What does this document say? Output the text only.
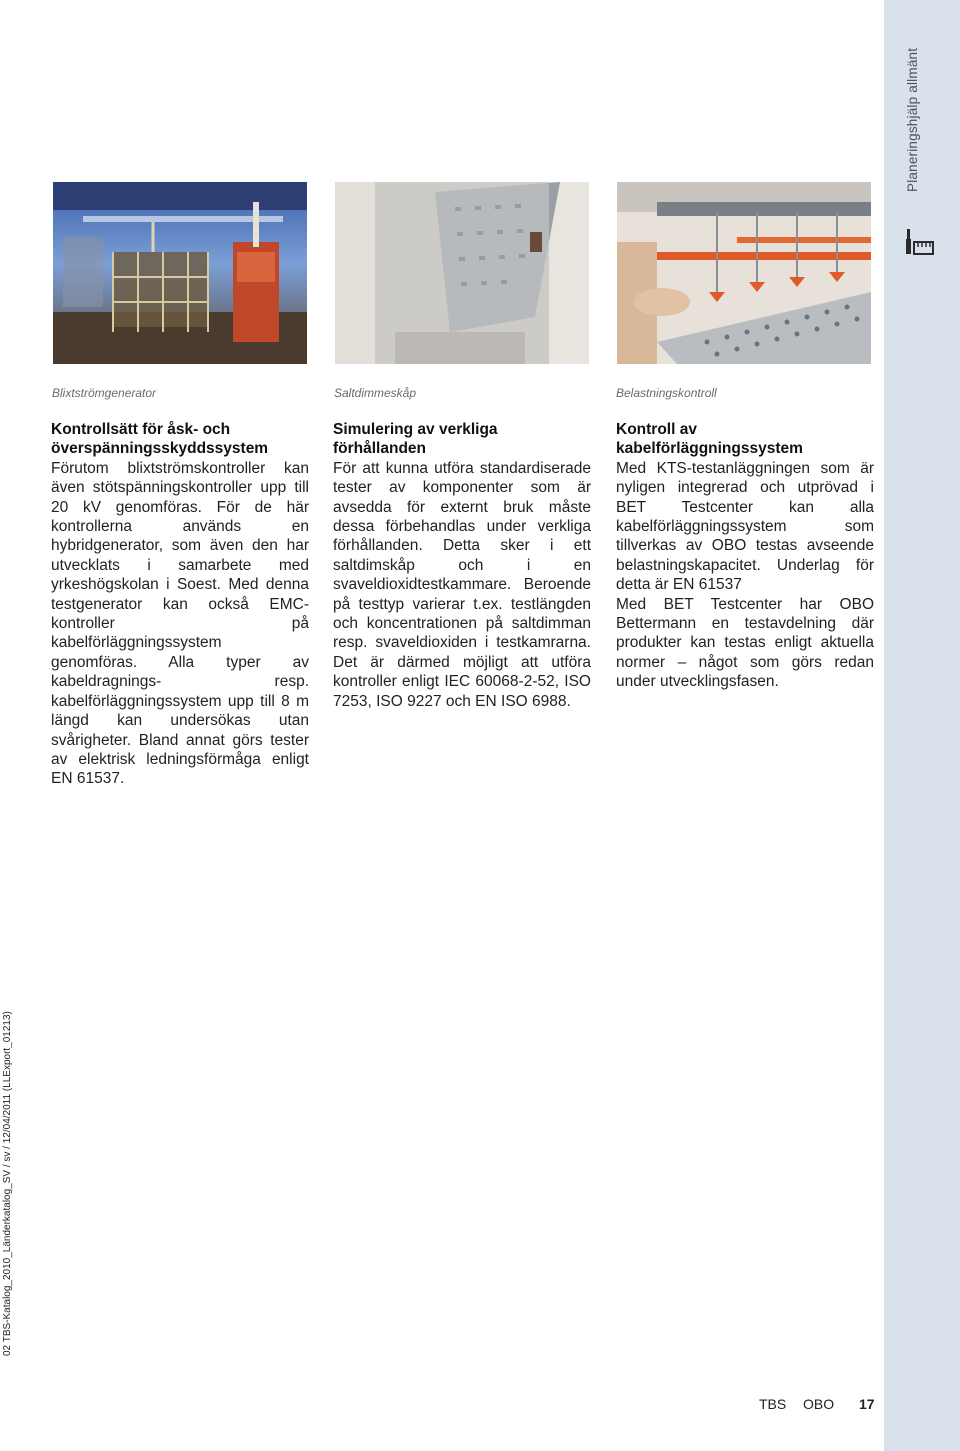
Planeringshjälp allmänt
02 TBS-Katalog_2010_Länderkatalog_SV / sv / 12/04/2011 (LLExport_01213)
Blixtströmgenerator	Saltdimmeskåp	Belastningskontroll
Kontrollsätt för åsk- och överspänningsskyddssystem

Förutom blixtströmskontroller kan även stötspänningskontroller upp till 20 kV genomföras. För de här kontrollerna används en hybridgenerator, som även den har utvecklats i samarbete med yrkeshögskolan i Soest. Med denna testgenerator kan också EMC-kontroller på kabelförläggningssystem genomföras. Alla typer av kabeldragnings- resp. kabelförläggningssystem upp till 8 m längd kan undersökas utan svårigheter. Bland annat görs tester av elektrisk ledningsförmåga enligt EN 61537.

Simulering av verkliga förhållanden

För att kunna utföra standardiserade tester av komponenter som är avsedda för externt bruk måste dessa förbehandlas under verkliga förhållanden. Detta sker i ett saltdimskåp och i en svaveldioxidtestkammare. Beroende på testtyp varierar t.ex. testlängden och koncentrationen på saltdimman resp. svaveldioxiden i testkamrarna. Det är därmed möjligt att utföra kontroller enligt IEC 60068-2-52, ISO 7253, ISO 9227 och EN ISO 6988.

Kontroll av kabelförläggningssystem

Med KTS-testanläggningen som är nyligen integrerad och utprövad i BET Testcenter kan alla kabelförläggningssystem som tillverkas av OBO testas avseende belastningskapacitet. Underlag för detta är EN 61537

Med BET Testcenter har OBO Bettermann en testavdelning där produkter kan testas enligt aktuella normer – något som görs redan under utvecklingsfasen.

TBS OBO 17
